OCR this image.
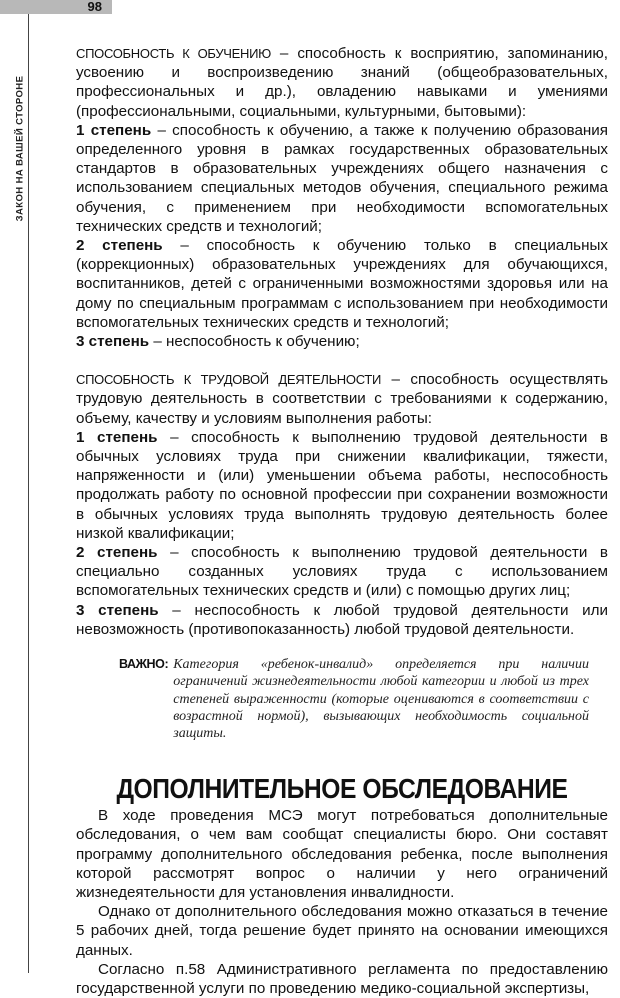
98
ЗАКОН НА ВАШЕЙ СТОРОНЕ

СПОСОБНОСТЬ К ОБУЧЕНИЮ – способность к восприятию, запоминанию, усвоению и воспроизведению знаний (общеобразовательных, профессиональных и др.), овладению навыками и умениями (профессиональными, социальными, культурными, бытовыми):

1 степень – способность к обучению, а также к получению образования определенного уровня в рамках государственных образовательных стандартов в образовательных учреждениях общего назначения с использованием специальных методов обучения, специального режима обучения, с применением при необходимости вспомогательных технических средств и технологий;

2 степень – способность к обучению только в специальных (коррекционных) образовательных учреждениях для обучающихся, воспитанников, детей с ограниченными возможностями здоровья или на дому по специальным программам с использованием при необходимости вспомогательных технических средств и технологий;

3 степень – неспособность к обучению;

СПОСОБНОСТЬ К ТРУДОВОЙ ДЕЯТЕЛЬНОСТИ – способность осуществлять трудовую деятельность в соответствии с требованиями к содержанию, объему, качеству и условиям выполнения работы:

1 степень – способность к выполнению трудовой деятельности в обычных условиях труда при снижении квалификации, тяжести, напряженности и (или) уменьшении объема работы, неспособность продолжать работу по основной профессии при сохранении возможности в обычных условиях труда выполнять трудовую деятельность более низкой квалификации;

2 степень – способность к выполнению трудовой деятельности в специально созданных условиях труда с использованием вспомогательных технических средств и (или) с помощью других лиц;

3 степень – неспособность к любой трудовой деятельности или невозможность (противопоказанность) любой трудовой деятельности.

ВАЖНО: Категория «ребенок-инвалид» определяется при наличии ограничений жизнедеятельности любой категории и любой из трех степеней выраженности (которые оцениваются в соответствии с возрастной нормой), вызывающих необходимость социальной защиты.
ДОПОЛНИТЕЛЬНОЕ ОБСЛЕДОВАНИЕ

В ходе проведения МСЭ могут потребоваться дополнительные обследования, о чем вам сообщат специалисты бюро. Они составят программу дополнительного обследования ребенка, после выполнения которой рассмотрят вопрос о наличии у него ограничений жизнедеятельности для установления инвалидности.

Однако от дополнительного обследования можно отказаться в течение 5 рабочих дней, тогда решение будет принято на основании имеющихся данных.

Согласно п.58 Административного регламента по предоставлению государственной услуги по проведению медико-социальной экспертизы,
